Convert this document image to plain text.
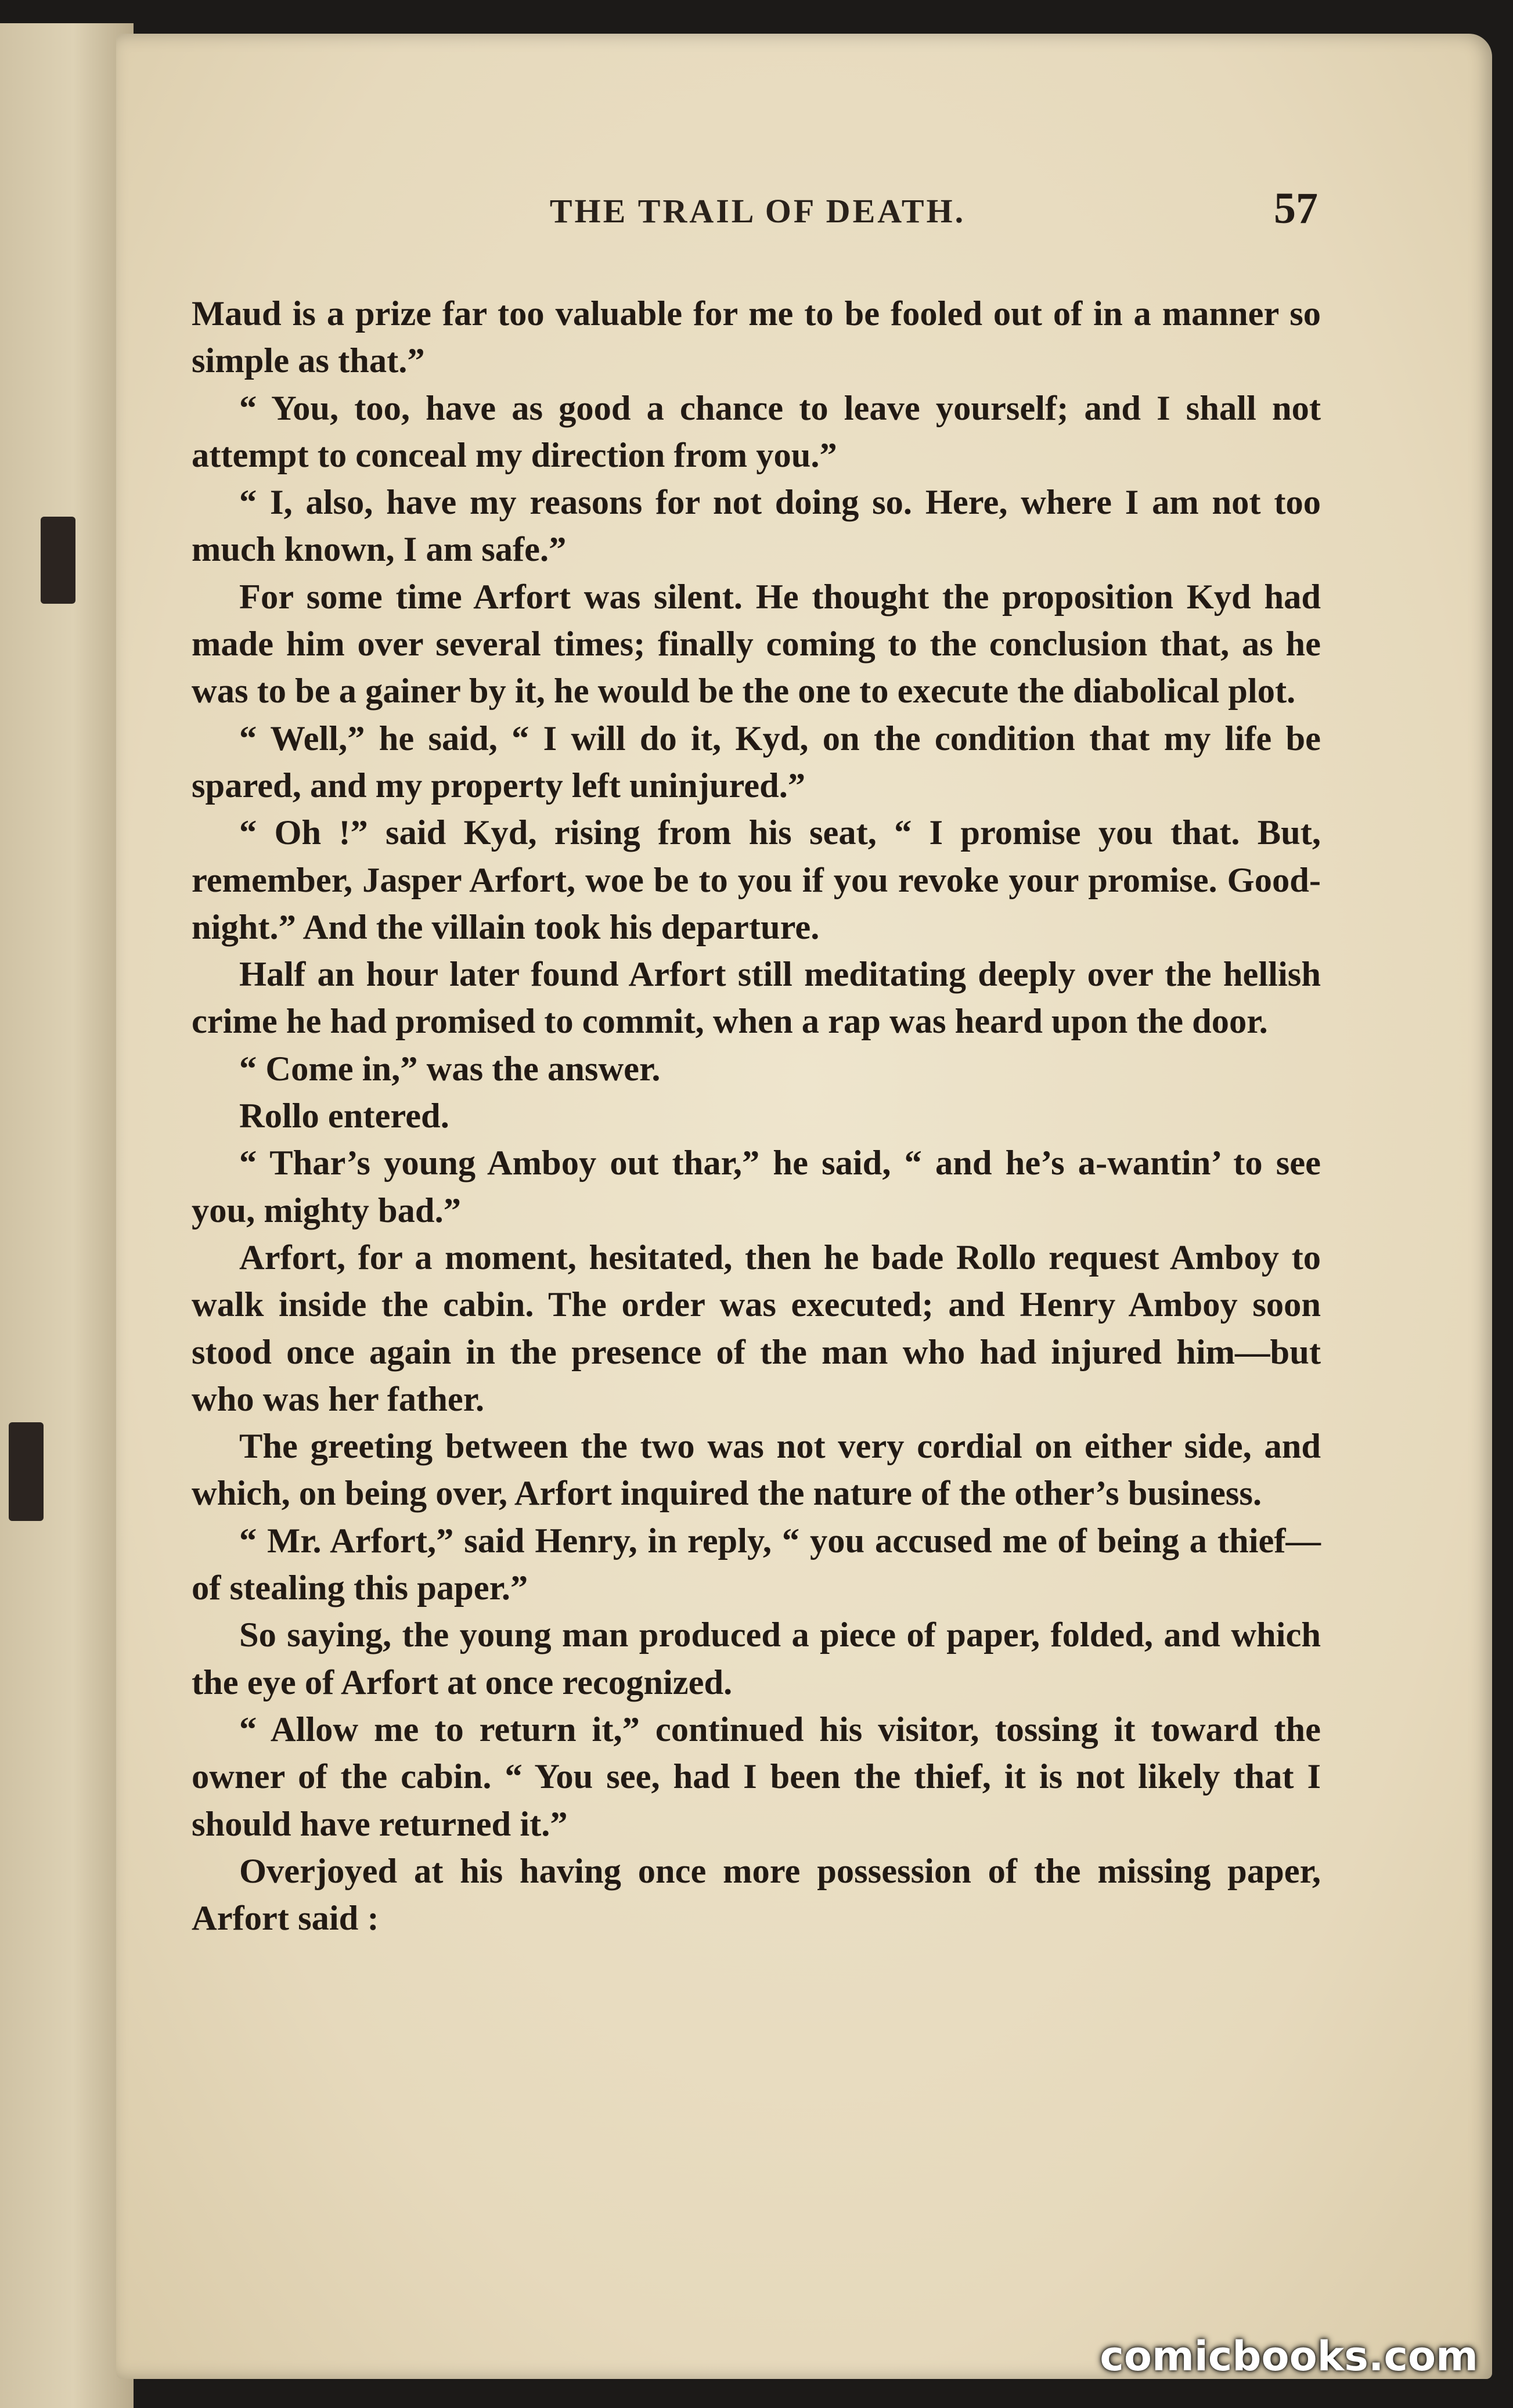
THE TRAIL OF DEATH.	57

Maud is a prize far too valuable for me to be fooled out of in a manner so simple as that.”

“ You, too, have as good a chance to leave yourself; and I shall not attempt to conceal my direction from you.”

“ I, also, have my reasons for not doing so. Here, where I am not too much known, I am safe.”

For some time Arfort was silent. He thought the proposition Kyd had made him over several times; finally coming to the conclusion that, as he was to be a gainer by it, he would be the one to execute the diabolical plot.

“ Well,” he said, “ I will do it, Kyd, on the condition that my life be spared, and my property left uninjured.”

“ Oh !” said Kyd, rising from his seat, “ I promise you that. But, remember, Jasper Arfort, woe be to you if you revoke your promise. Good-night.” And the villain took his departure.

Half an hour later found Arfort still meditating deeply over the hellish crime he had promised to commit, when a rap was heard upon the door.

“ Come in,” was the answer.

Rollo entered.

“ Thar’s young Amboy out thar,” he said, “ and he’s a-wantin’ to see you, mighty bad.”

Arfort, for a moment, hesitated, then he bade Rollo request Amboy to walk inside the cabin. The order was executed; and Henry Amboy soon stood once again in the presence of the man who had injured him—but who was her father.

The greeting between the two was not very cordial on either side, and which, on being over, Arfort inquired the nature of the other’s business.

“ Mr. Arfort,” said Henry, in reply, “ you accused me of being a thief—of stealing this paper.”

So saying, the young man produced a piece of paper, folded, and which the eye of Arfort at once recognized.

“ Allow me to return it,” continued his visitor, tossing it toward the owner of the cabin. “ You see, had I been the thief, it is not likely that I should have returned it.”

Overjoyed at his having once more possession of the missing paper, Arfort said :

comicbooks.com
